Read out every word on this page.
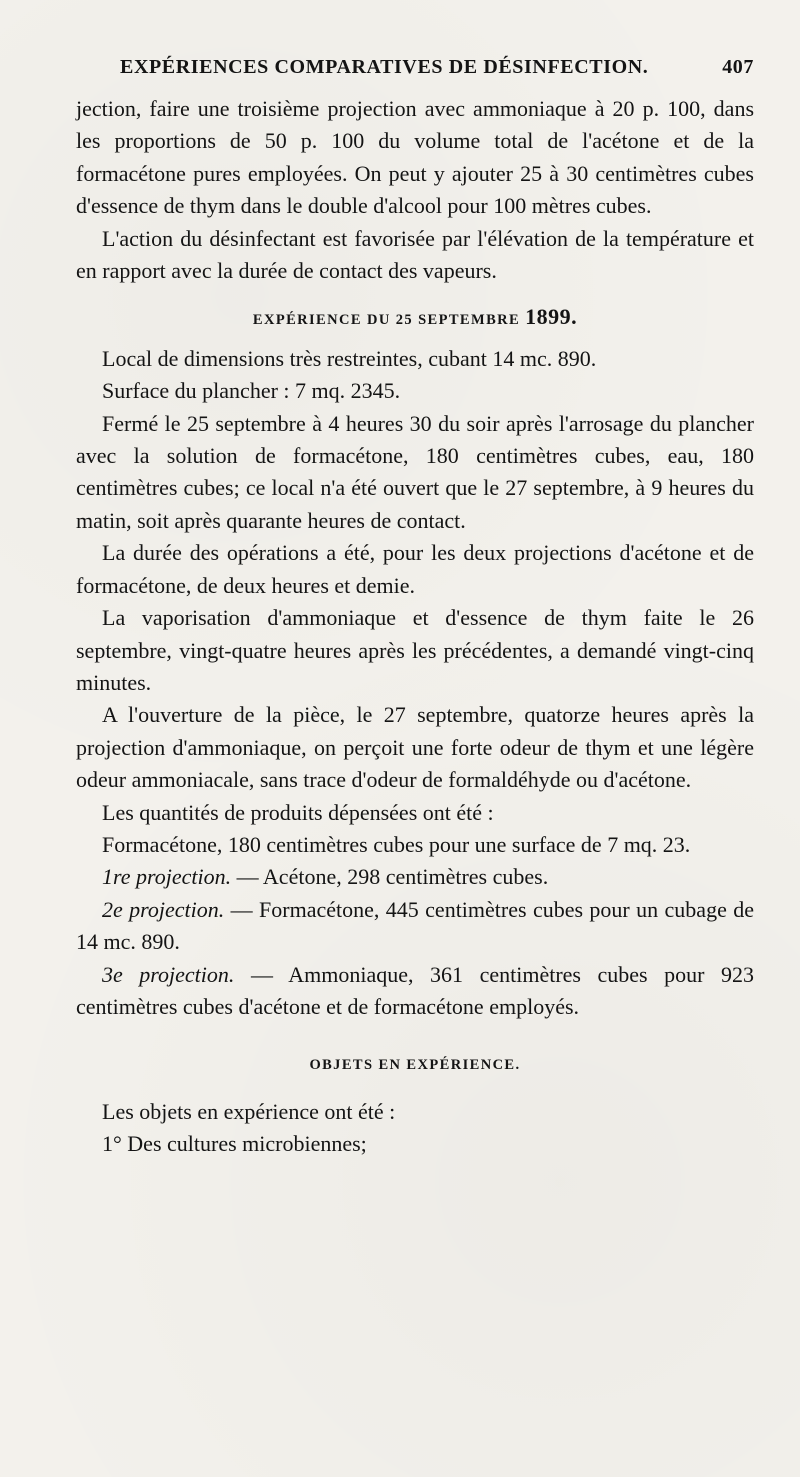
EXPÉRIENCES COMPARATIVES DE DÉSINFECTION.	407

jection, faire une troisième projection avec ammoniaque à 20 p. 100, dans les proportions de 50 p. 100 du volume total de l'acétone et de la formacétone pures employées. On peut y ajouter 25 à 30 centimètres cubes d'essence de thym dans le double d'alcool pour 100 mètres cubes.

L'action du désinfectant est favorisée par l'élévation de la température et en rapport avec la durée de contact des vapeurs.

EXPÉRIENCE DU 25 SEPTEMBRE 1899.

Local de dimensions très restreintes, cubant 14 mc. 890.

Surface du plancher : 7 mq. 2345.

Fermé le 25 septembre à 4 heures 30 du soir après l'arrosage du plancher avec la solution de formacétone, 180 centimètres cubes, eau, 180 centimètres cubes; ce local n'a été ouvert que le 27 septembre, à 9 heures du matin, soit après quarante heures de contact.

La durée des opérations a été, pour les deux projections d'acétone et de formacétone, de deux heures et demie.

La vaporisation d'ammoniaque et d'essence de thym faite le 26 septembre, vingt-quatre heures après les précédentes, a demandé vingt-cinq minutes.

A l'ouverture de la pièce, le 27 septembre, quatorze heures après la projection d'ammoniaque, on perçoit une forte odeur de thym et une légère odeur ammoniacale, sans trace d'odeur de formaldéhyde ou d'acétone.

Les quantités de produits dépensées ont été :

Formacétone, 180 centimètres cubes pour une surface de 7 mq. 23.

1re projection. — Acétone, 298 centimètres cubes.

2e projection. — Formacétone, 445 centimètres cubes pour un cubage de 14 mc. 890.

3e projection. — Ammoniaque, 361 centimètres cubes pour 923 centimètres cubes d'acétone et de formacétone employés.

OBJETS EN EXPÉRIENCE.

Les objets en expérience ont été :

1° Des cultures microbiennes;
